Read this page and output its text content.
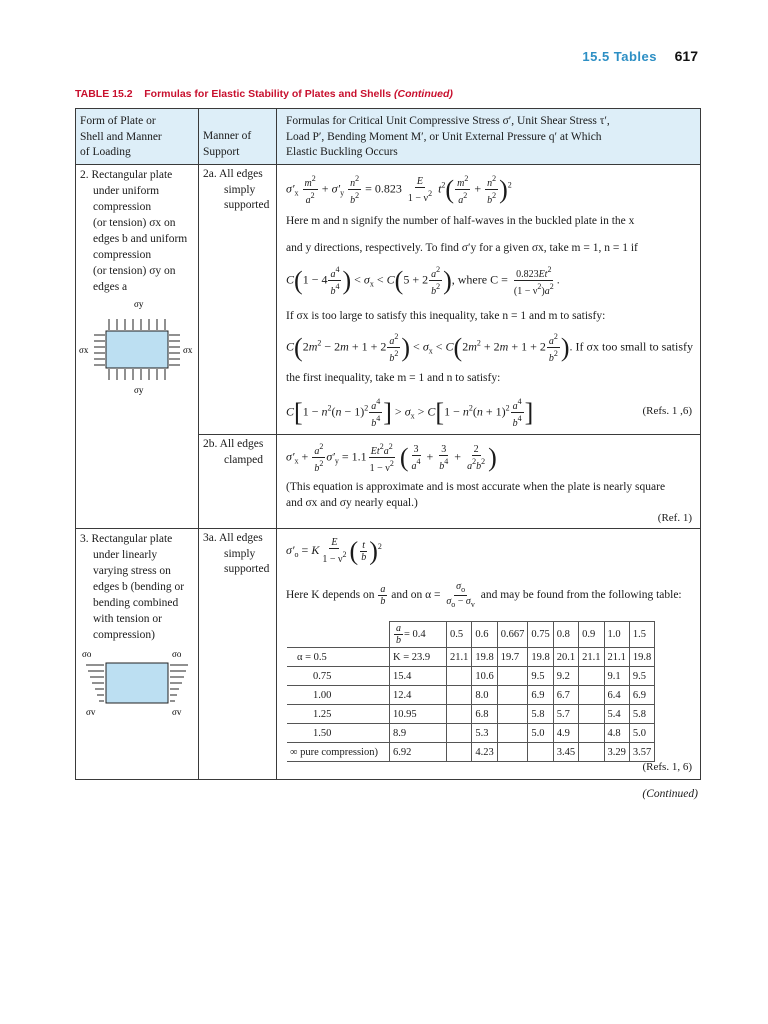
15.5 Tables 617
TABLE 15.2 Formulas for Elastic Stability of Plates and Shells (Continued)
Form of Plate or
Shell and Manner
of Loading
Manner of
Support
Formulas for Critical Unit Compressive Stress σ′, Unit Shear Stress τ′,
Load P′, Bending Moment M′, or Unit External Pressure q′ at Which
Elastic Buckling Occurs
2. Rectangular plate
under uniform
compression
(or tension) σx on
edges b and uniform
compression
(or tension) σy on
edges a
σy
σx	σx
σy
2a. All edges
simply
supported
$\sigma'_x \frac{m^2}{a^2} + \sigma'_y \frac{n^2}{b^2} = 0.823 \frac{E}{1 - \nu^2} t^2( \frac{m^2}{a^2} + \frac{n^2}{b^2} )^2$
Here m and n signify the number of half-waves in the buckled plate in the x
and y directions, respectively. To find σ′y for a given σx, take m = 1, n = 1 if
$C(1 - 4 \frac{a^4}{b^4}$ ) < $\sigma_x < C(5 + 2 \frac{a^2}{b^2}$ ), where $C = \frac{0.823Et^2}{(1 - \nu^2)a^2}$ .
If σx is too large to satisfy this inequality, take n = 1 and m to satisfy:
$C(2m^2 - 2m + 1 + 2 \frac{a^2}{b^2}$ ) < $\sigma_x < C(2m^2 + 2m + 1 + 2 \frac{a^2}{b^2}$ ). If σx too small to satisfy
the first inequality, take m = 1 and n to satisfy:
$C[1 - n^2(n - 1)^2 \frac{a^4}{b^4}$ ] > $\sigma_x > C[1 - n^2(n + 1)^2 \frac{a^4}{b^4}$ ]	(Refs. 1 ,6)
2b. All edges
clamped $\sigma'_x + \frac{a^2}{b^2} \sigma'_y = 1.1 \frac{Et^2a^2}{1 - \nu^2}$ ( $\frac{3}{a^4} + \frac{3}{b^4} + \frac{2}{a^2b^2}$ )
(This equation is approximate and is most accurate when the plate is nearly square
and σx and σy nearly equal.)
(Ref. 1)
3. Rectangular plate
under linearly
varying stress on
edges b (bending or
bending combined
with tension or
compression)
σo	σo
σv	σv
3a. All edges
simply
supported
$\sigma'_o = K \frac{E}{1 - \nu^2}$ ( $\frac{t}{b} )^2$
Here K depends on $\frac{a}{b}$ and on $\alpha = \frac{\sigma_o}{\sigma_o - \sigma_v}$ and may be found from the following table:

	$\frac{a}{b} = 0.4$	0.5	0.6	0.667	0.75	0.8	0.9	1.0	1.5
α = 0.5	K = 23.9	21.1	19.8	19.7	19.8	20.1	21.1	21.1	19.8
0.75	15.4		10.6		9.5	9.2		9.1	9.5
1.00	12.4		8.0		6.9	6.7		6.4	6.9
1.25	10.95		6.8		5.8	5.7		5.4	5.8
1.50	8.9		5.3		5.0	4.9		4.8	5.0
∞ pure compression)	6.92		4.23			3.45		3.29	3.57
(Refs. 1, 6)
(Continued)
